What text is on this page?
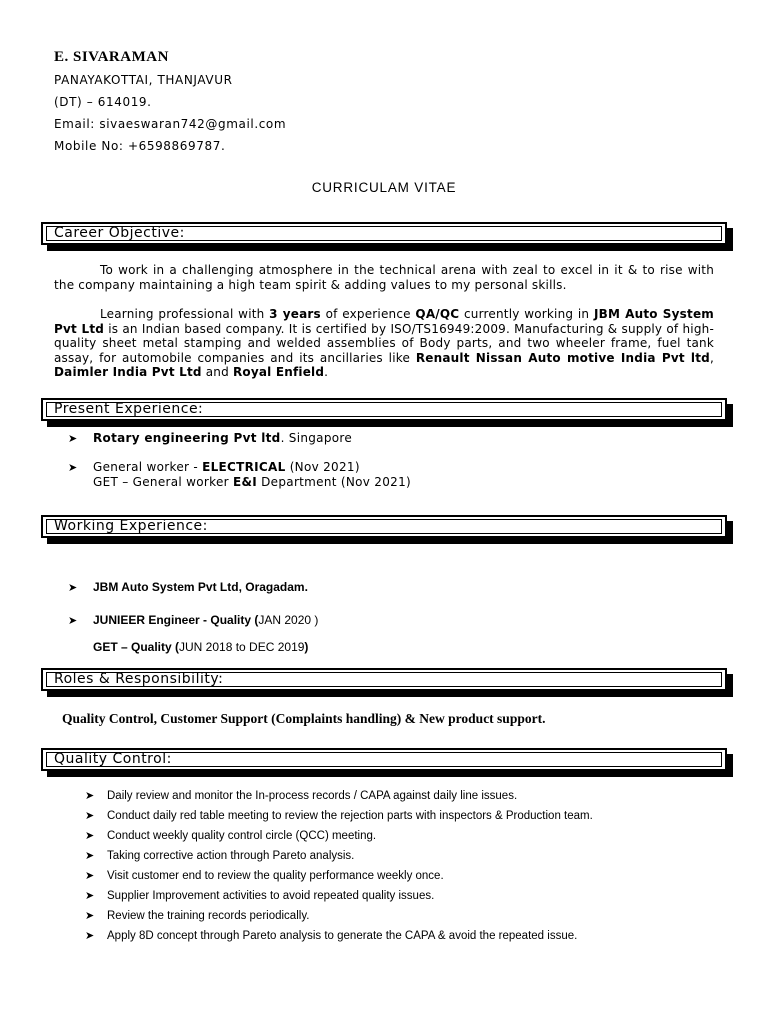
E. SIVARAMAN
PANAYAKOTTAI, THANJAVUR
(DT) – 614019.
Email: sivaeswaran742@gmail.com
Mobile No: +6598869787.
CURRICULAM VITAE
Career Objective:
To work in a challenging atmosphere in the technical arena with zeal to excel in it & to rise with the company maintaining a high team spirit & adding values to my personal skills.
Learning professional with 3 years of experience QA/QC currently working in JBM Auto System Pvt Ltd is an Indian based company. It is certified by ISO/TS16949:2009. Manufacturing & supply of high-quality sheet metal stamping and welded assemblies of Body parts, and two wheeler frame, fuel tank assay, for automobile companies and its ancillaries like Renault Nissan Auto motive India Pvt ltd, Daimler India Pvt Ltd and Royal Enfield.
Present Experience:
➤	Rotary engineering Pvt ltd. Singapore
➤	General worker - ELECTRICAL (Nov 2021)
GET – General worker E&I Department (Nov 2021)
Working Experience:
➤	JBM Auto System Pvt Ltd, Oragadam.
➤	JUNIEER Engineer - Quality (JAN 2020 )
GET – Quality (JUN 2018 to DEC 2019)
Roles & Responsibility:
Quality Control, Customer Support (Complaints handling) & New product support.
Quality Control:
➤	Daily review and monitor the In-process records / CAPA against daily line issues.
➤	Conduct daily red table meeting to review the rejection parts with inspectors & Production team.
➤	Conduct weekly quality control circle (QCC) meeting.
➤	Taking corrective action through Pareto analysis.
➤	Visit customer end to review the quality performance weekly once.
➤	Supplier Improvement activities to avoid repeated quality issues.
➤	Review the training records periodically.
➤	Apply 8D concept through Pareto analysis to generate the CAPA & avoid the repeated issue.
